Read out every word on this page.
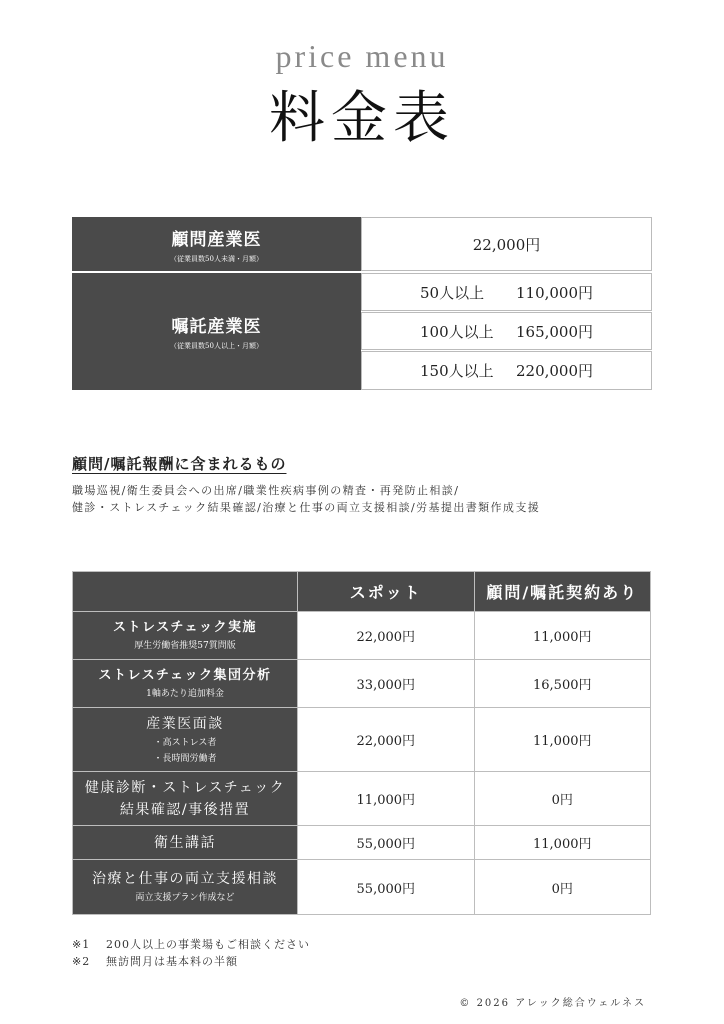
price menu
料金表
顧問産業医
（従業員数50人未満・月額）
22,000円
嘱託産業医
（従業員数50人以上・月額）
50人以上	110,000円
100人以上	165,000円
150人以上	220,000円
顧問/嘱託報酬に含まれるもの
職場巡視/衛生委員会への出席/職業性疾病事例の精査・再発防止相談/
健診・ストレスチェック結果確認/治療と仕事の両立支援相談/労基提出書類作成支援
	スポット	顧問/嘱託契約あり

ストレスチェック実施
厚生労働省推奨57質問版	22,000円	11,000円

ストレスチェック集団分析
1軸あたり追加料金	33,000円	16,500円

産業医面談
・高ストレス者
・長時間労働者	22,000円	11,000円

健康診断・ストレスチェック
結果確認/事後措置	11,000円	0円

衛生講話	55,000円	11,000円

治療と仕事の両立支援相談
両立支援プラン作成など	55,000円	0円
※1 200人以上の事業場もご相談ください
※2 無訪問月は基本料の半額
© 2026 アレック総合ウェルネス
